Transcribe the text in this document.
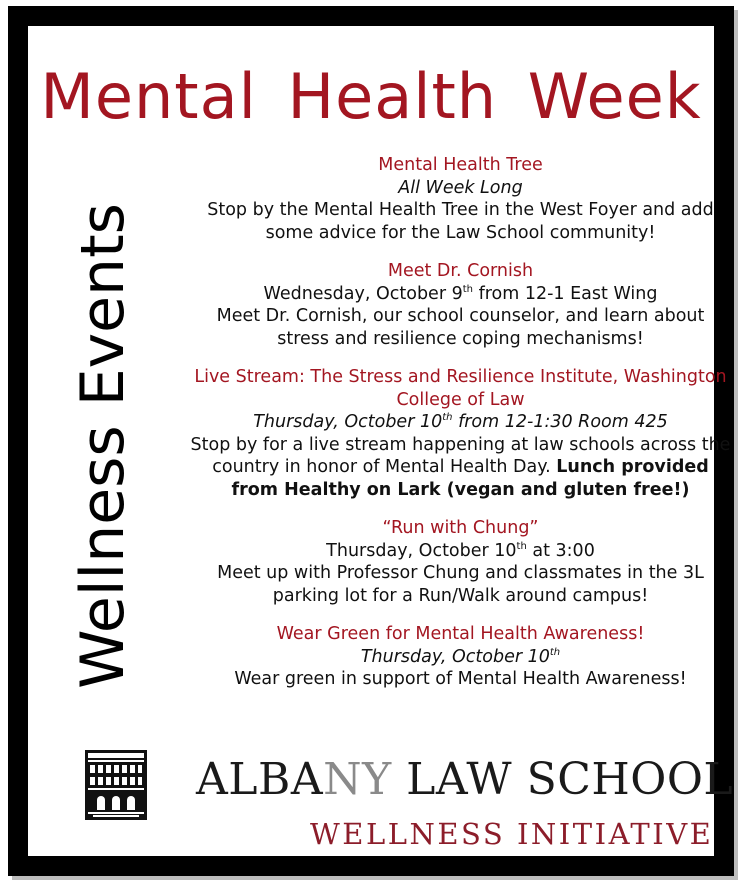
Mental Health Week
Wellness Events
Mental Health Tree
All Week Long
Stop by the Mental Health Tree in the West Foyer and add some advice for the Law School community!
Meet Dr. Cornish
Wednesday, October 9th from 12-1 East Wing
Meet Dr. Cornish, our school counselor, and learn about stress and resilience coping mechanisms!
Live Stream: The Stress and Resilience Institute, Washington College of Law
Thursday, October 10th from 12-1:30 Room 425
Stop by for a live stream happening at law schools across the country in honor of Mental Health Day. Lunch provided from Healthy on Lark (vegan and gluten free!)
“Run with Chung”
Thursday, October 10th at 3:00
Meet up with Professor Chung and classmates in the 3L parking lot for a Run/Walk around campus!
Wear Green for Mental Health Awareness!
Thursday, October 10th
Wear green in support of Mental Health Awareness!
ALBANY LAW SCHOOL
WELLNESS INITIATIVE
